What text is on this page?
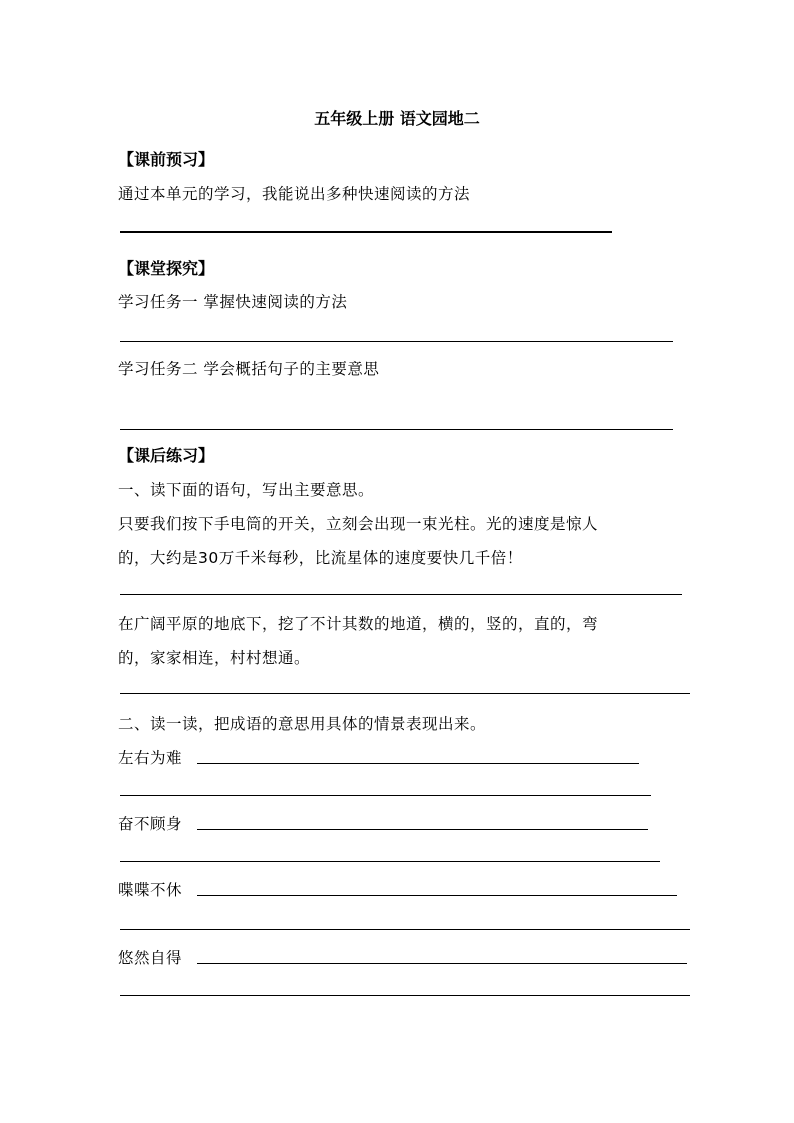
五年级上册 语文园地二
【课前预习】
通过本单元的学习，我能说出多种快速阅读的方法
【课堂探究】
学习任务一 掌握快速阅读的方法
学习任务二 学会概括句子的主要意思
【课后练习】
一、读下面的语句，写出主要意思。
只要我们按下手电筒的开关，立刻会出现一束光柱。光的速度是惊人
的，大约是30万千米每秒，比流星体的速度要快几千倍！
在广阔平原的地底下，挖了不计其数的地道，横的，竖的，直的，弯
的，家家相连，村村想通。
二、读一读，把成语的意思用具体的情景表现出来。
左右为难
奋不顾身
喋喋不休
悠然自得
